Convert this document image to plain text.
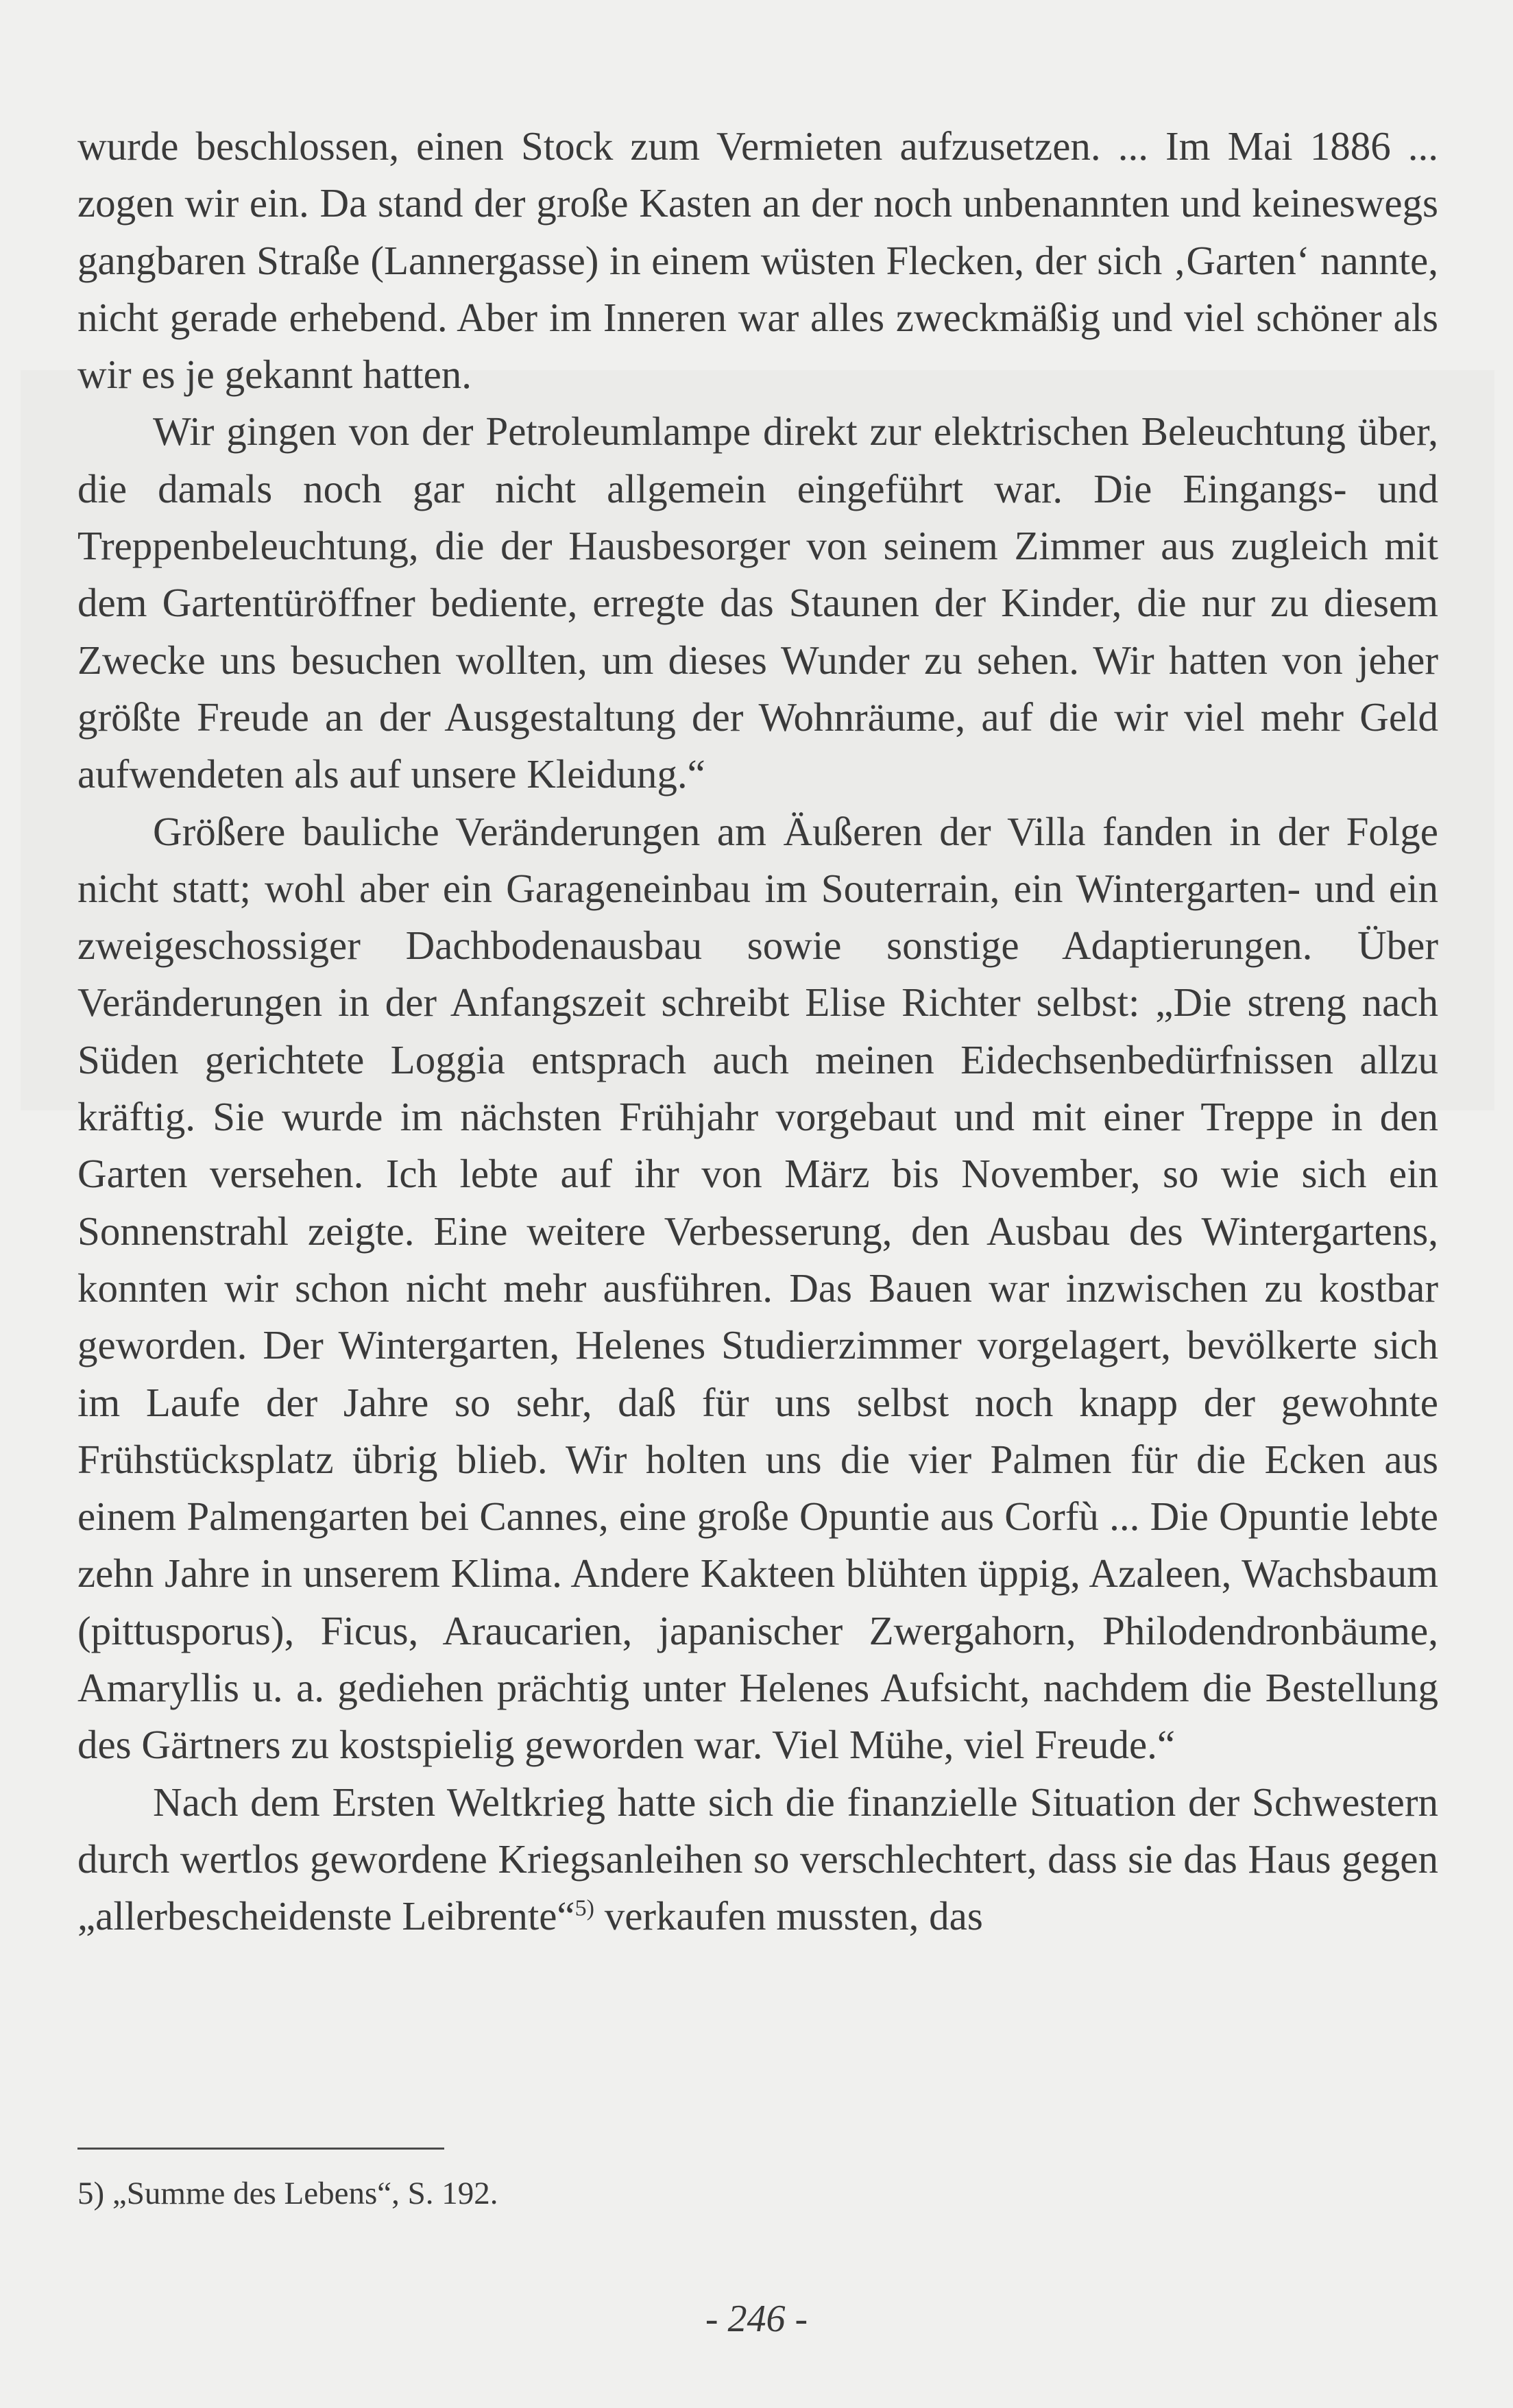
wurde beschlossen, einen Stock zum Vermieten aufzusetzen. ... Im Mai 1886 ... zogen wir ein. Da stand der große Kasten an der noch unbenannten und keineswegs gangbaren Straße (Lannergasse) in einem wüsten Flecken, der sich ‚Garten‘ nannte, nicht gerade erhebend. Aber im Inneren war alles zweckmäßig und viel schöner als wir es je gekannt hatten.

Wir gingen von der Petroleumlampe direkt zur elektrischen Beleuchtung über, die damals noch gar nicht allgemein eingeführt war. Die Eingangs- und Treppenbeleuchtung, die der Hausbesorger von seinem Zimmer aus zugleich mit dem Gartentüröffner bediente, erregte das Staunen der Kinder, die nur zu diesem Zwecke uns besuchen wollten, um dieses Wunder zu sehen. Wir hatten von jeher größte Freude an der Ausgestaltung der Wohnräume, auf die wir viel mehr Geld aufwendeten als auf unsere Kleidung.“

Größere bauliche Veränderungen am Äußeren der Villa fanden in der Folge nicht statt; wohl aber ein Garageneinbau im Souterrain, ein Wintergarten- und ein zweigeschossiger Dachbodenausbau sowie sonstige Adaptierungen. Über Veränderungen in der Anfangszeit schreibt Elise Richter selbst: „Die streng nach Süden gerichtete Loggia entsprach auch meinen Eidechsenbedürfnissen allzu kräftig. Sie wurde im nächsten Frühjahr vorgebaut und mit einer Treppe in den Garten versehen. Ich lebte auf ihr von März bis November, so wie sich ein Sonnenstrahl zeigte. Eine weitere Verbesserung, den Ausbau des Wintergartens, konnten wir schon nicht mehr ausführen. Das Bauen war inzwischen zu kostbar geworden. Der Wintergarten, Helenes Studierzimmer vorgelagert, bevölkerte sich im Laufe der Jahre so sehr, daß für uns selbst noch knapp der gewohnte Frühstücksplatz übrig blieb. Wir holten uns die vier Palmen für die Ecken aus einem Palmengarten bei Cannes, eine große Opuntie aus Corfù ... Die Opuntie lebte zehn Jahre in unserem Klima. Andere Kakteen blühten üppig, Azaleen, Wachsbaum (pittusporus), Ficus, Araucarien, japanischer Zwergahorn, Philodendronbäume, Amaryllis u. a. gediehen prächtig unter Helenes Aufsicht, nachdem die Bestellung des Gärtners zu kostspielig geworden war. Viel Mühe, viel Freude.“

Nach dem Ersten Weltkrieg hatte sich die finanzielle Situation der Schwestern durch wertlos gewordene Kriegsanleihen so verschlechtert, dass sie das Haus gegen „allerbescheidenste Leibrente“$^{5)}$ verkaufen mussten, das

5) „Summe des Lebens“, S. 192.
- 246 -
